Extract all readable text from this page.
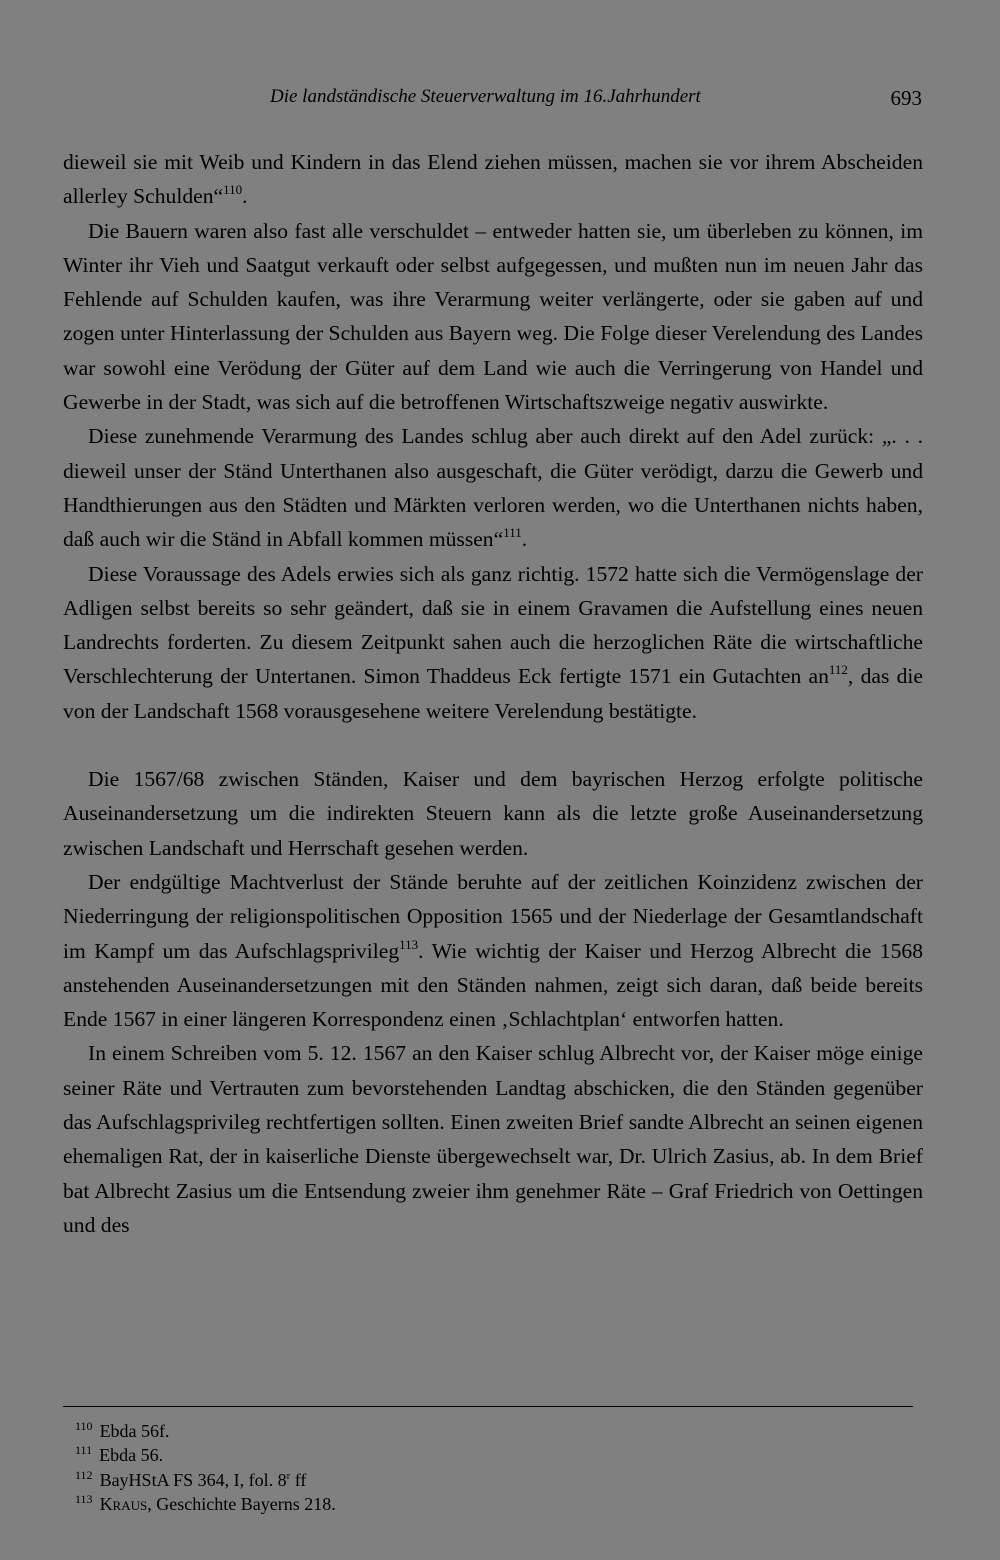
Die landständische Steuerverwaltung im 16.Jahrhundert	693

dieweil sie mit Weib und Kindern in das Elend ziehen müssen, machen sie vor ihrem Abscheiden allerley Schulden“$^{110}$.

Die Bauern waren also fast alle verschuldet – entweder hatten sie, um überleben zu können, im Winter ihr Vieh und Saatgut verkauft oder selbst aufgegessen, und mußten nun im neuen Jahr das Fehlende auf Schulden kaufen, was ihre Verarmung weiter verlängerte, oder sie gaben auf und zogen unter Hinterlassung der Schulden aus Bayern weg. Die Folge dieser Verelendung des Landes war sowohl eine Verödung der Güter auf dem Land wie auch die Verringerung von Handel und Gewerbe in der Stadt, was sich auf die betroffenen Wirtschaftszweige negativ auswirkte.

Diese zunehmende Verarmung des Landes schlug aber auch direkt auf den Adel zurück: „. . . dieweil unser der Ständ Unterthanen also ausgeschaft, die Güter verödigt, darzu die Gewerb und Handthierungen aus den Städten und Märkten verloren werden, wo die Unterthanen nichts haben, daß auch wir die Ständ in Abfall kommen müssen“$^{111}$.

Diese Voraussage des Adels erwies sich als ganz richtig. 1572 hatte sich die Vermögenslage der Adligen selbst bereits so sehr geändert, daß sie in einem Gravamen die Aufstellung eines neuen Landrechts forderten. Zu diesem Zeitpunkt sahen auch die herzoglichen Räte die wirtschaftliche Verschlechterung der Untertanen. Simon Thaddeus Eck fertigte 1571 ein Gutachten $an^{112}$, das die von der Landschaft 1568 vorausgesehene weitere Verelendung bestätigte.

Die 1567/68 zwischen Ständen, Kaiser und dem bayrischen Herzog erfolgte politische Auseinandersetzung um die indirekten Steuern kann als die letzte große Auseinandersetzung zwischen Landschaft und Herrschaft gesehen werden.

Der endgültige Machtverlust der Stände beruhte auf der zeitlichen Koinzidenz zwischen der Niederringung der religionspolitischen Opposition 1565 und der Niederlage der Gesamtlandschaft im Kampf um das Aufschlagsprivileg$^{113}$. Wie wichtig der Kaiser und Herzog Albrecht die 1568 anstehenden Auseinandersetzungen mit den Ständen nahmen, zeigt sich daran, daß beide bereits Ende 1567 in einer längeren Korrespondenz einen ‚Schlachtplan‘ entworfen hatten.

In einem Schreiben vom 5. 12. 1567 an den Kaiser schlug Albrecht vor, der Kaiser möge einige seiner Räte und Vertrauten zum bevorstehenden Landtag abschicken, die den Ständen gegenüber das Aufschlagsprivileg rechtfertigen sollten. Einen zweiten Brief sandte Albrecht an seinen eigenen ehemaligen Rat, der in kaiserliche Dienste übergewechselt war, Dr. Ulrich Zasius, ab. In dem Brief bat Albrecht Zasius um die Entsendung zweier ihm genehmer Räte – Graf Friedrich von Oettingen und des

$^{110}$ Ebda 56f.
$^{111}$ Ebda 56.
$^{112}$ BayHStA FS 364, I, fol. 8$^r$ ff
$^{113}$ Kraus, Geschichte Bayerns 218.
